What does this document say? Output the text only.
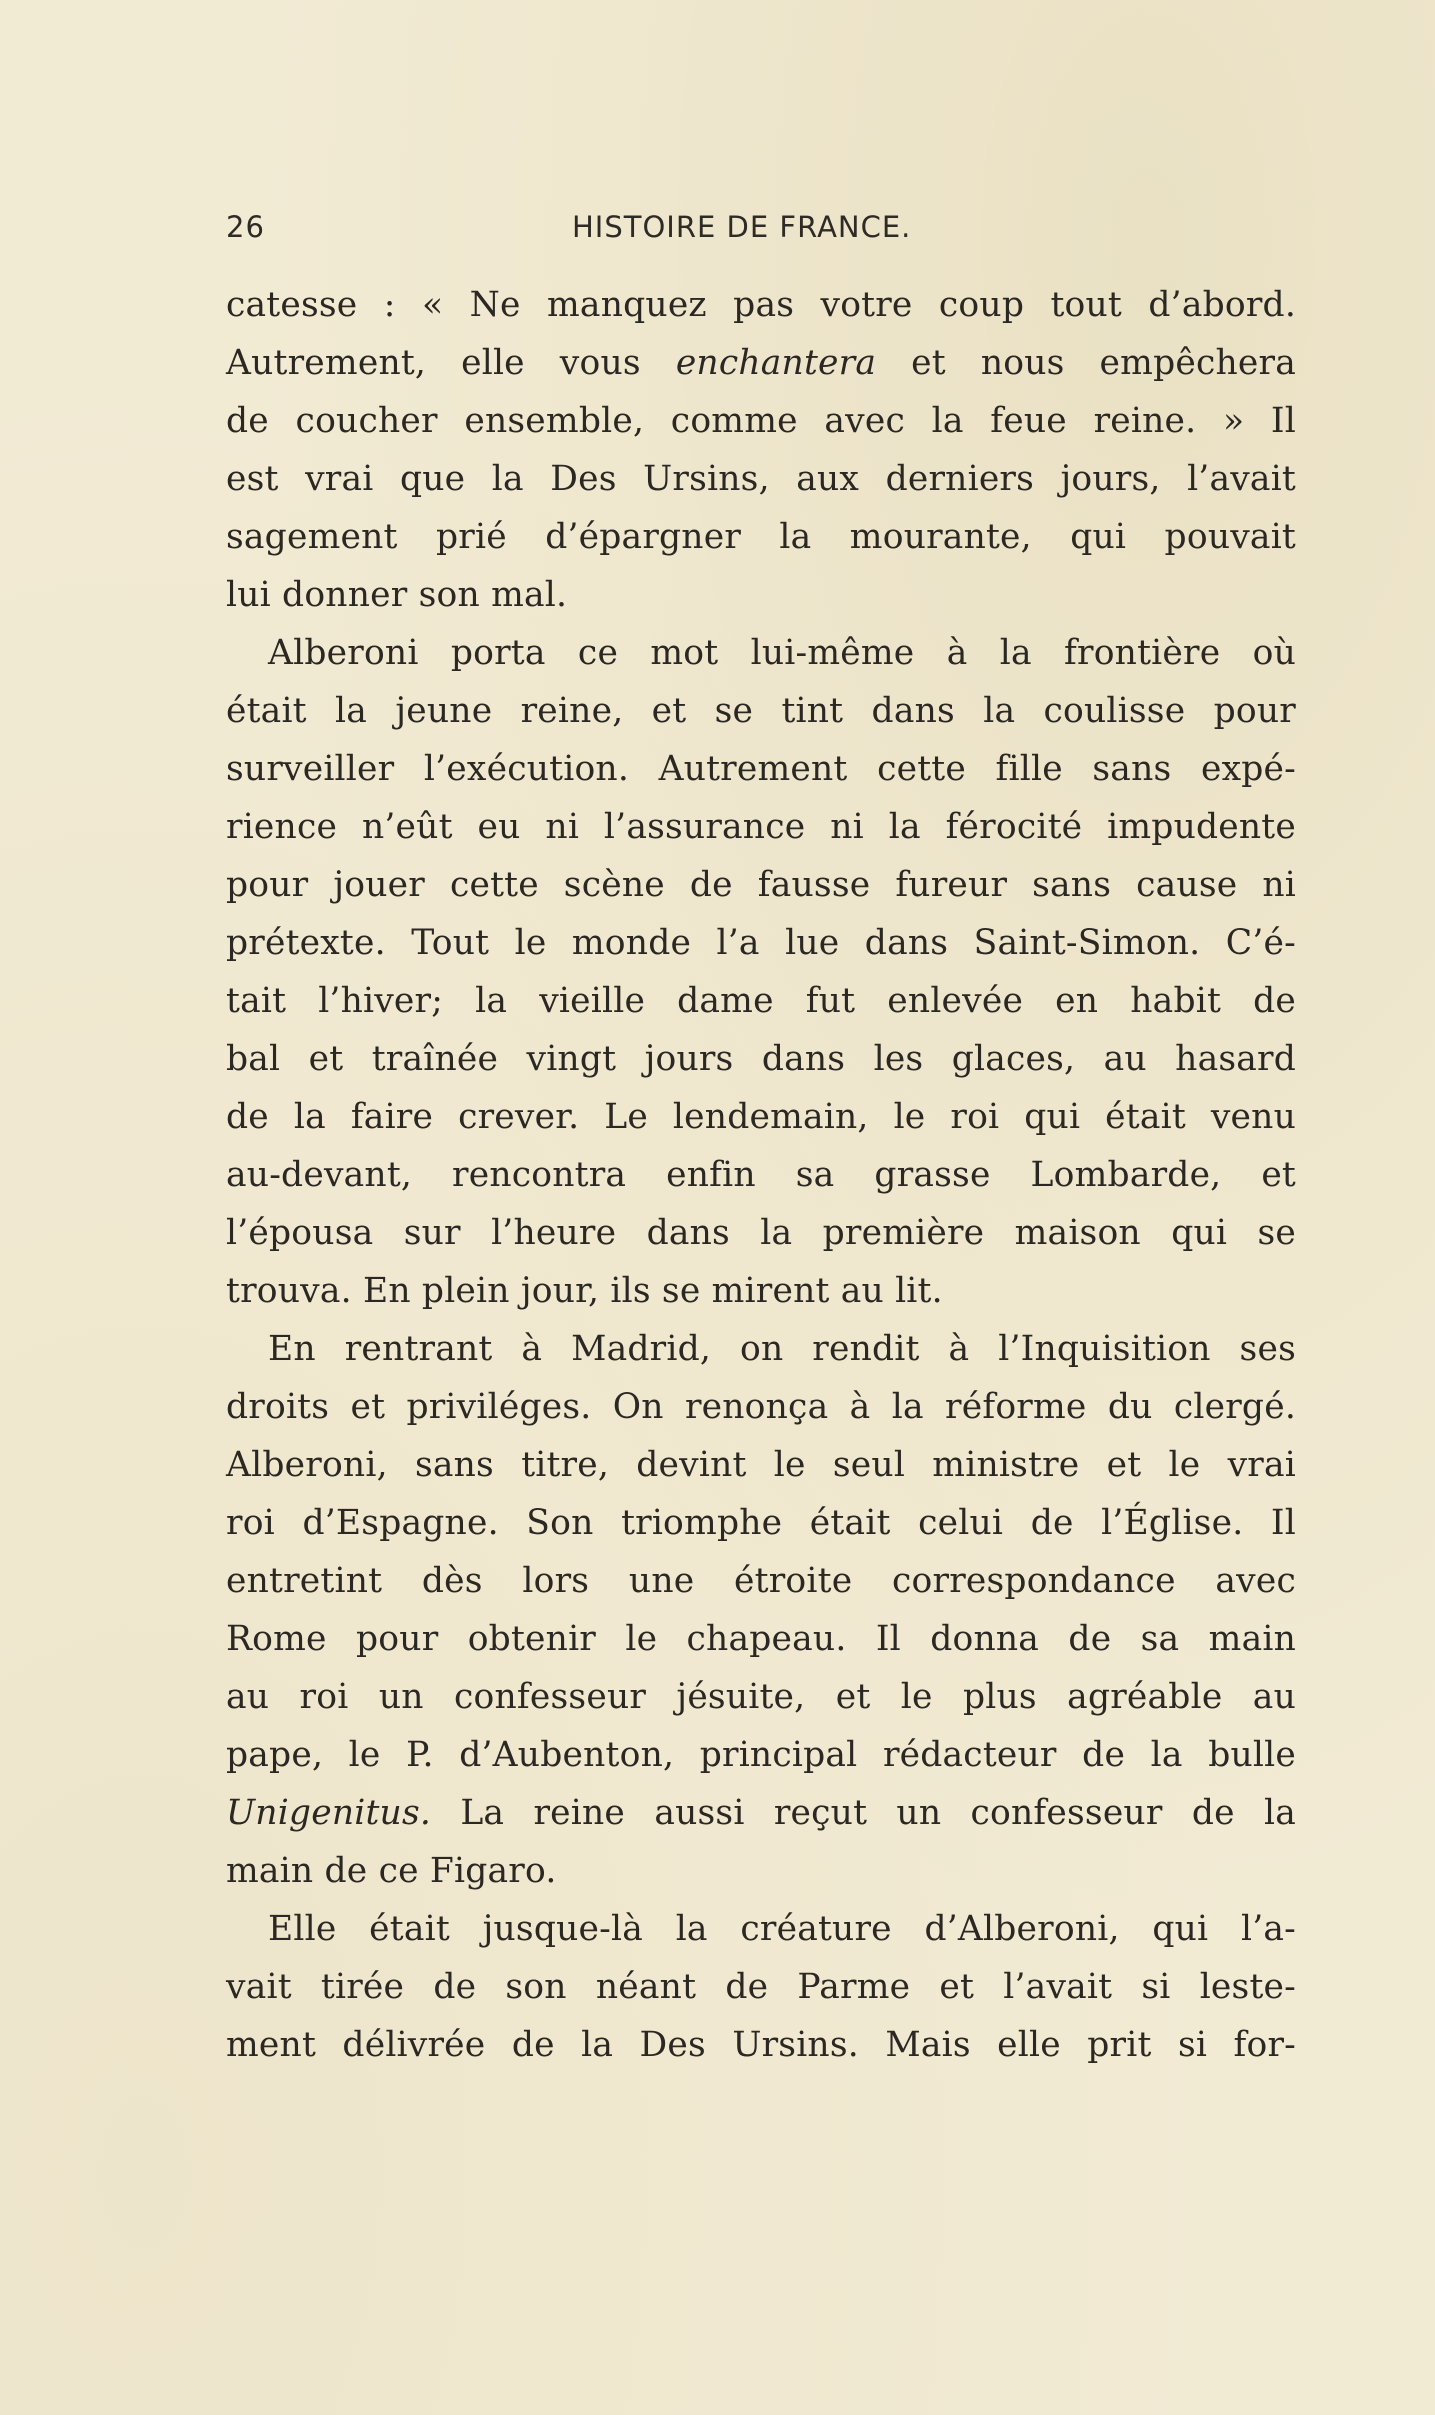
26	HISTOIRE DE FRANCE.
catesse : « Ne manquez pas votre coup tout d’abord.
Autrement, elle vous enchantera et nous empêchera
de coucher ensemble, comme avec la feue reine. » Il
est vrai que la Des Ursins, aux derniers jours, l’avait
sagement prié d’épargner la mourante, qui pouvait
lui donner son mal.
Alberoni porta ce mot lui-même à la frontière où
était la jeune reine, et se tint dans la coulisse pour
surveiller l’exécution. Autrement cette fille sans expé-
rience n’eût eu ni l’assurance ni la férocité impudente
pour jouer cette scène de fausse fureur sans cause ni
prétexte. Tout le monde l’a lue dans Saint-Simon. C’é-
tait l’hiver; la vieille dame fut enlevée en habit de
bal et traînée vingt jours dans les glaces, au hasard
de la faire crever. Le lendemain, le roi qui était venu
au-devant, rencontra enfin sa grasse Lombarde, et
l’épousa sur l’heure dans la première maison qui se
trouva. En plein jour, ils se mirent au lit.
En rentrant à Madrid, on rendit à l’Inquisition ses
droits et priviléges. On renonça à la réforme du clergé.
Alberoni, sans titre, devint le seul ministre et le vrai
roi d’Espagne. Son triomphe était celui de l’Église. Il
entretint dès lors une étroite correspondance avec
Rome pour obtenir le chapeau. Il donna de sa main
au roi un confesseur jésuite, et le plus agréable au
pape, le P. d’Aubenton, principal rédacteur de la bulle
Unigenitus. La reine aussi reçut un confesseur de la
main de ce Figaro.
Elle était jusque-là la créature d’Alberoni, qui l’a-
vait tirée de son néant de Parme et l’avait si leste-
ment délivrée de la Des Ursins. Mais elle prit si for-
